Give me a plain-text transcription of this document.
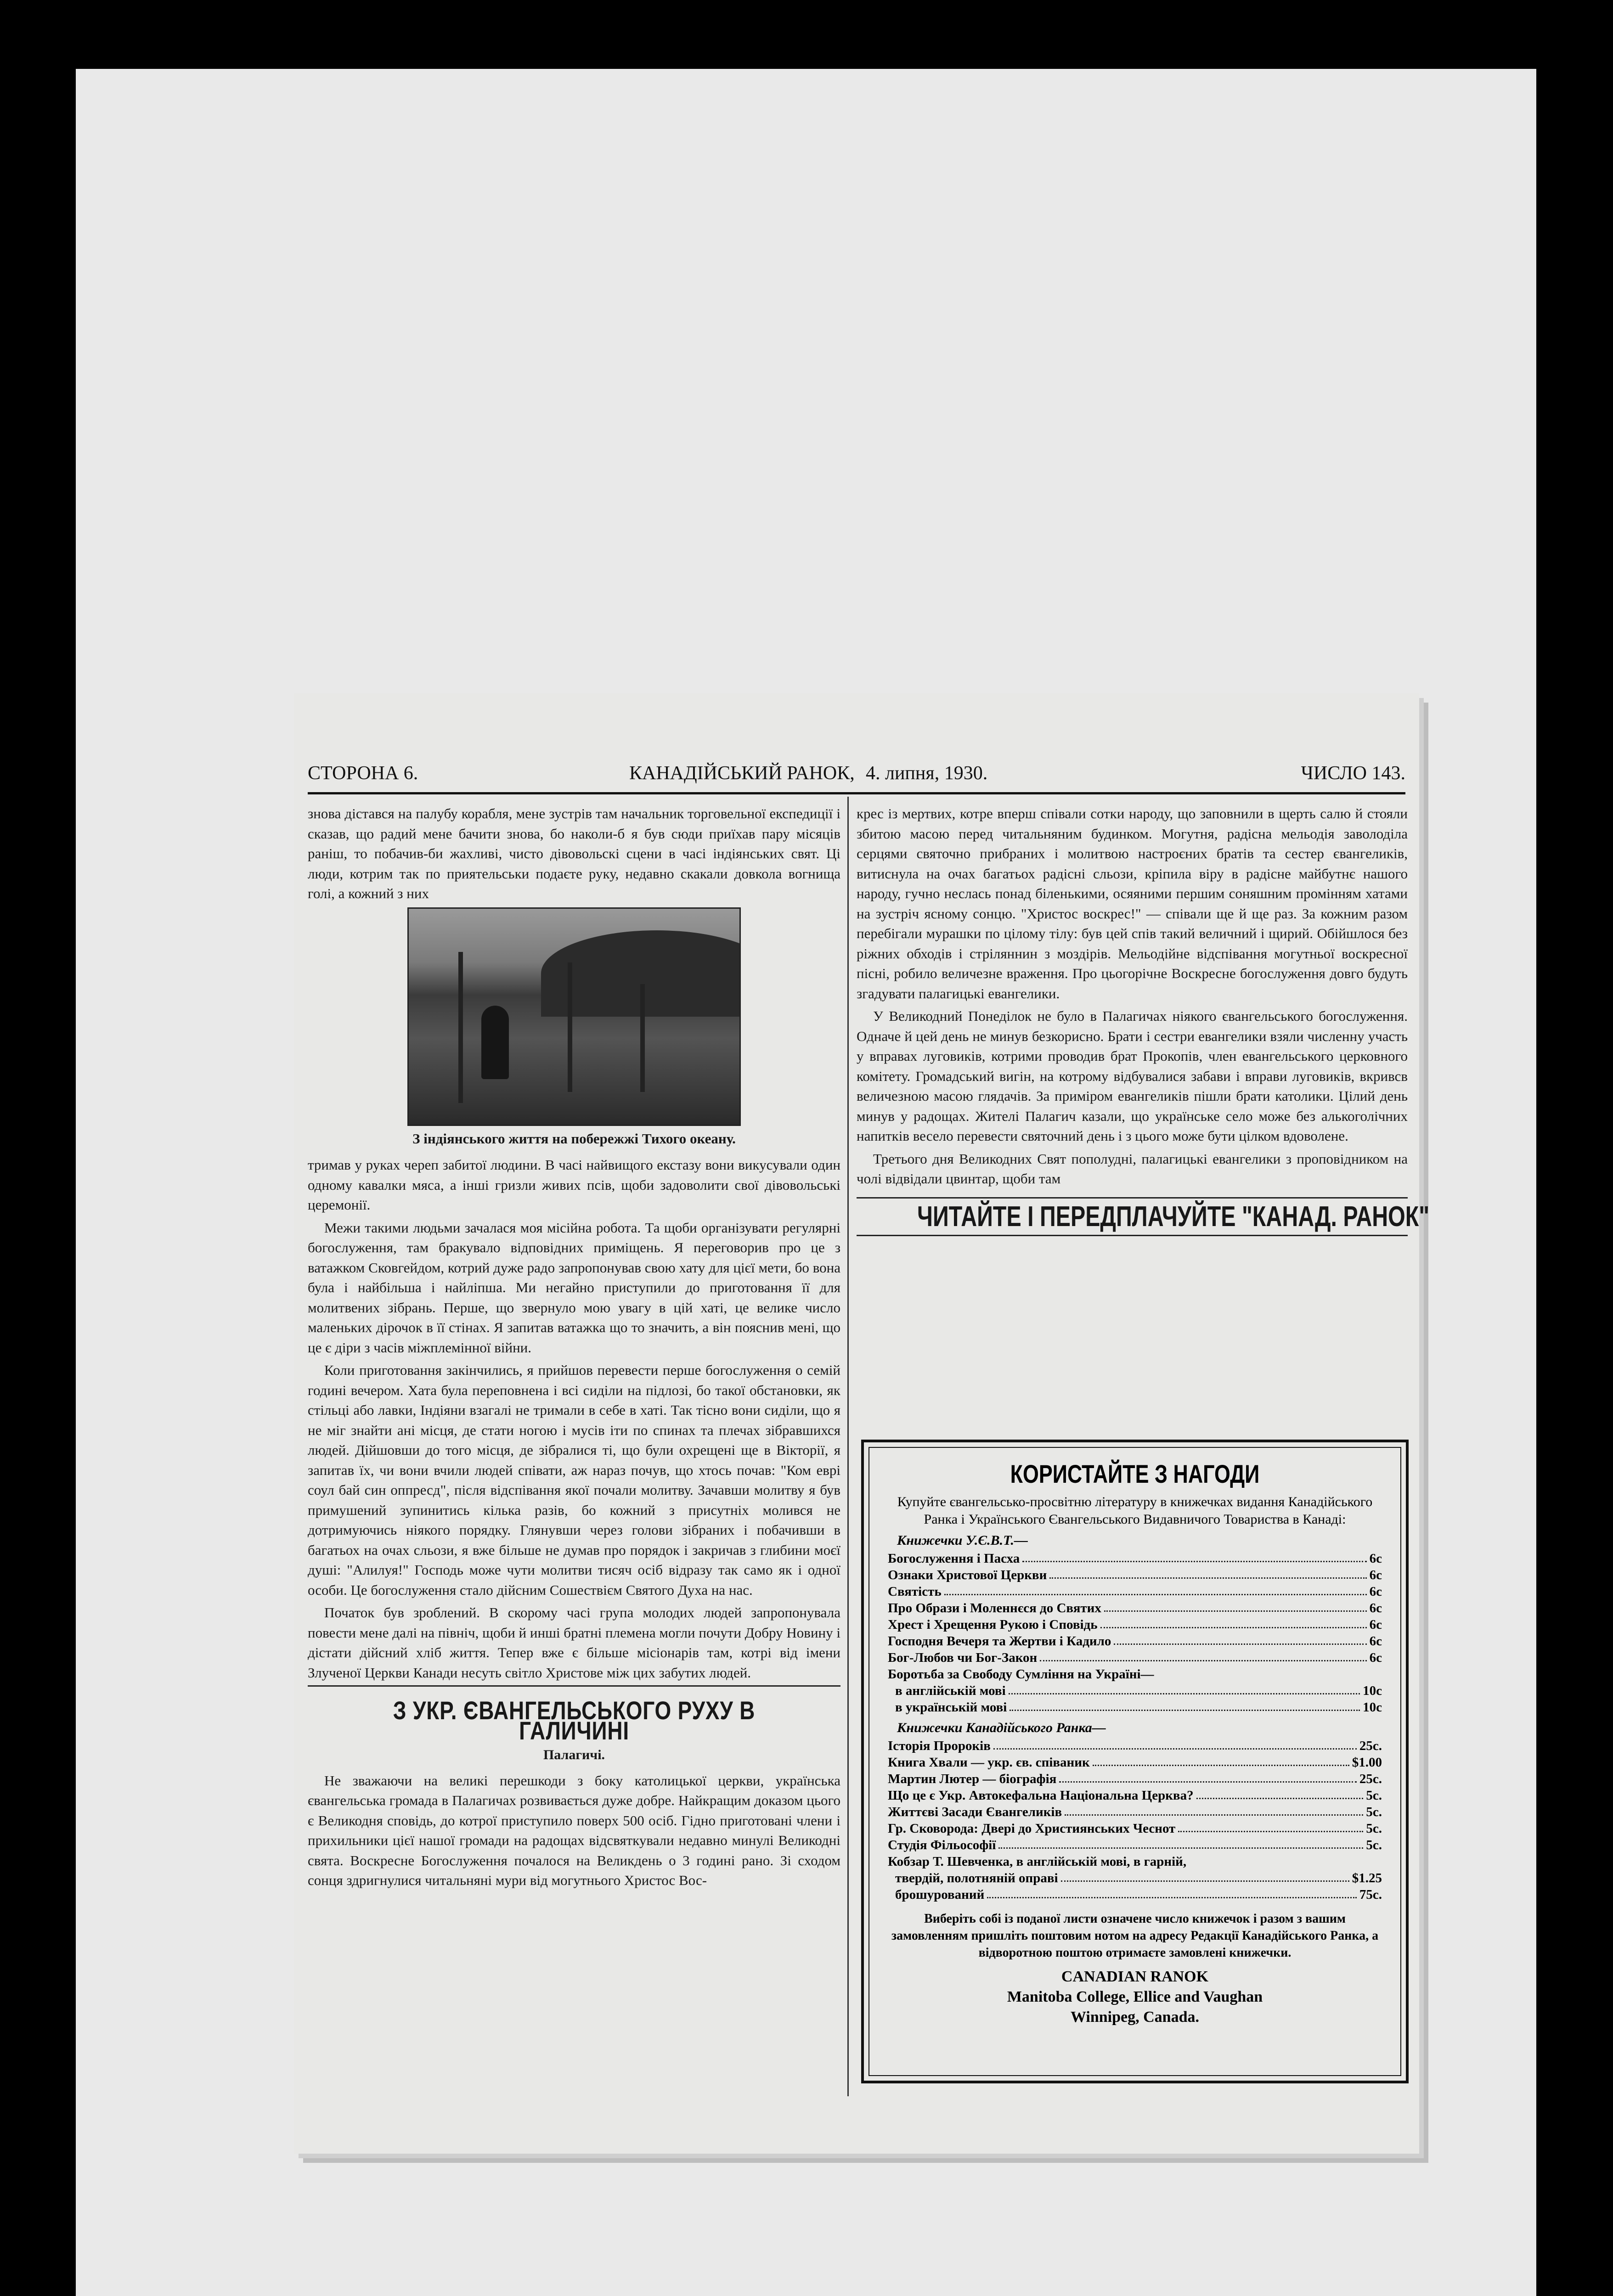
СТОРОНА 6.	КАНАДІЙСЬКИЙ РАНОК, 4. липня, 1930.	ЧИСЛО 143.

знова дістався на палубу корабля, мене зустрів там начальник торговельної експедиції і сказав, що радий мене бачити знова, бо наколи-б я був сюди приїхав пару місяців раніш, то побачив-би жахливі, чисто дівовольскі сцени в часі індіянських свят. Ці люди, котрим так по приятельськи подаєте руку, недавно скакали довкола вогнища голі, а кожний з них

З індіянського життя на побережжі Тихого океану.

тримав у руках череп забитої людини. В часі найвищого екстазу вони викусували один одному кавалки мяса, а інші гризли живих псів, щоби задоволити свої дівовольські церемонії.

Межи такими людьми зачалася моя місійна робота. Та щоби організувати регулярні богослуження, там бракувало відповідних приміщень. Я переговорив про це з ватажком Сковгейдом, котрий дуже радо запропонував свою хату для цієї мети, бо вона була і найбільша і найліпша. Ми негайно приступили до приготовання її для молитвених зібрань. Перше, що звернуло мою увагу в цій хаті, це велике число маленьких дірочок в її стінах. Я запитав ватажка що то значить, а він пояснив мені, що це є діри з часів міжплемінної війни.

Коли приготовання закінчились, я прийшов перевести перше богослуження о семій годині вечером. Хата була переповнена і всі сиділи на підлозі, бо такої обстановки, як стільці або лавки, Індіяни взагалі не тримали в себе в хаті. Так тісно вони сиділи, що я не міг знайти ані місця, де стати ногою і мусів іти по спинах та плечах зібравшихся людей. Дійшовши до того місця, де зібралися ті, що були охрещені ще в Вікторії, я запитав їх, чи вони вчили людей співати, аж нараз почув, що хтось почав: "Ком еврі соул бай син оппресд", після відспівання якої почали молитву. Зачавши молитву я був примушений зупинитись кілька разів, бо кожний з присутніх молився не дотримуючись ніякого порядку. Глянувши через голови зібраних і побачивши в багатьох на очах сльози, я вже більше не думав про порядок і закричав з глибини моєї душі: "Алилуя!" Господь може чути молитви тисяч осіб відразу так само як і одної особи. Це богослуження стало дійсним Сошествієм Святого Духа на нас.

Початок був зроблений. В скорому часі група молодих людей запропонувала повести мене далі на північ, щоби й инші братні племена могли почути Добру Новину і дістати дійсний хліб життя. Тепер вже є більше місіонарів там, котрі від імени Злученої Церкви Канади несуть світло Христове між цих забутих людей.

З УКР. ЄВАНГЕЛЬСЬКОГО РУХУ В ГАЛИЧИНІ
Палагичі.

Не зважаючи на великі перешкоди з боку католицької церкви, українська євангельська громада в Палагичах розвивається дуже добре. Найкращим доказом цього є Великодня сповідь, до котрої приступило поверх 500 осіб. Гідно приготовані члени і прихильники цієї нашої громади на радощах відсвяткували недавно минулі Великодні свята. Воскресне Богослуження почалося на Великдень о 3 годині рано. Зі сходом сонця здригнулися читальняні мури від могутнього Христос Вос-

крес із мертвих, котре вперш співали сотки народу, що заповнили в щерть салю й стояли збитою масою перед читальняним будинком. Могутня, радісна мельодія заволоділа серцями святочно прибраних і молитвою настроєних братів та сестер євангеликів, витиснула на очах багатьох радісні сльози, кріпила віру в радісне майбутнє нашого народу, гучно неслась понад біленькими, осяяними першим соняшним промінням хатами на зустріч ясному сонцю. "Христос воскрес!" — співали ще й ще раз. За кожним разом перебігали мурашки по цілому тілу: був цей спів такий величний і щирий. Обійшлося без ріжних обходів і стріляннин з моздірів. Мельодійне відспівання могутньої воскресної пісні, робило величезне враження. Про цьогорічне Воскресне богослуження довго будуть згадувати палагицькі евангелики.

У Великодний Понеділок не було в Палагичах ніякого євангельського богослуження. Одначе й цей день не минув безкорисно. Брати і сестри евангелики взяли численну участь у вправах луговиків, котрими проводив брат Прокопів, член евангельського церковного комітету. Громадський вигін, на котрому відбувалися забави і вправи луговиків, вкривсв величезною масою глядачів. За приміром евангеликів пішли брати католики. Цілий день минув у радощах. Жителі Палагич казали, що українське село може без алькоголічних напитків весело перевести святочний день і з цього може бути цілком вдоволене.

Третього дня Великодних Свят пополудні, палагицькі евангелики з проповідником на чолі відвідали цвинтар, щоби там

ЧИТАЙТЕ І ПЕРЕДПЛАЧУЙТЕ "КАНАД. РАНОК"
КОРИСТАЙТЕ З НАГОДИ
Купуйте євангельсько-просвітню літературу в книжечках видання Канадійського Ранка і Українського Євангельського Видавничого Товариства в Канаді:
Книжечки У.Є.В.Т.—
Богослуження і Пасха	6c
Ознаки Христової Церкви	6c
Святість	6c
Про Образи і Моленнєся до Святих	6c
Хрест і Хрещення Рукою і Сповідь	6c
Господня Вечеря та Жертви і Кадило	6c
Бог-Любов чи Бог-Закон	6c
Боротьба за Свободу Сумління на Україні—
в англійській мові	10c
в українській мові	10c
Книжечки Канадійського Ранка—
Історія Пророків	25c.
Книга Хвали — укр. єв. співаник	$1.00
Мартин Лютер — біографія	25c.
Що це є Укр. Автокефальна Національна Церква?	5c.
Життєві Засади Євангеликів	5c.
Гр. Сковорода: Двері до Християнських Чеснот	5c.
Студія Фільософії	5c.
Кобзар Т. Шевченка, в англійській мові, в гарній,
твердій, полотняній оправі	$1.25
брошурований	75c.
Виберіть собі із поданої листи означене число книжечок і разом з вашим замовленням пришліть поштовим нотом на адресу Редакції Канадійського Ранка, а відворотною поштою отримаєте замовлені книжечки.
CANADIAN RANOK
Manitoba College, Ellice and Vaughan
Winnipeg, Canada.
